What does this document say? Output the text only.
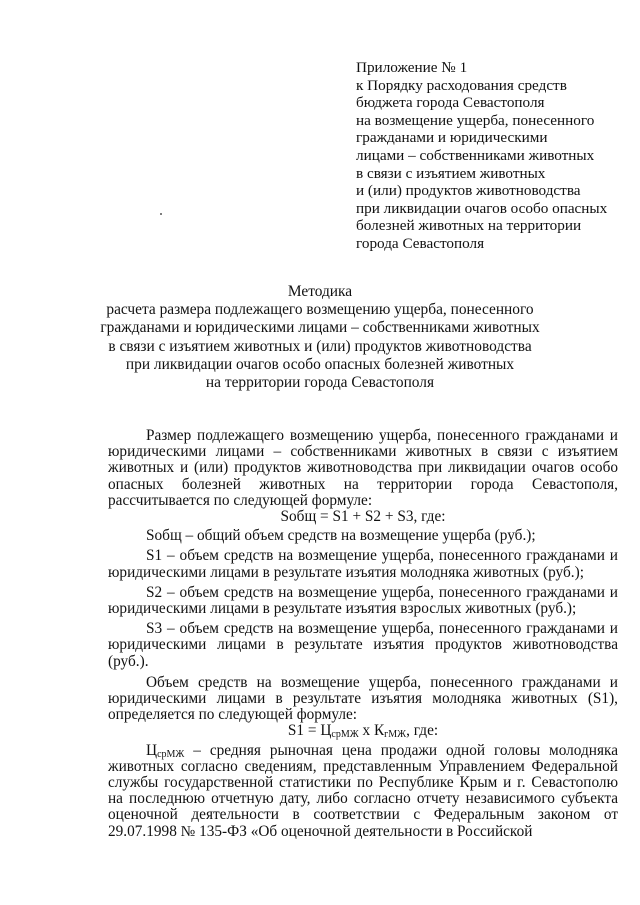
Приложение № 1
к Порядку расходования средств
бюджета города Севастополя
на возмещение ущерба, понесенного
гражданами и юридическими
лицами – собственниками животных
в связи с изъятием животных
и (или) продуктов животноводства
при ликвидации очагов особо опасных
болезней животных на территории
города Севастополя
Методика
расчета размера подлежащего возмещению ущерба, понесенного
гражданами и юридическими лицами – собственниками животных
в связи с изъятием животных и (или) продуктов животноводства
при ликвидации очагов особо опасных болезней животных
на территории города Севастополя

Размер подлежащего возмещению ущерба, понесенного гражданами и юридическими лицами – собственниками животных в связи с изъятием животных и (или) продуктов животноводства при ликвидации очагов особо опасных болезней животных на территории города Севастополя, рассчитывается по следующей формуле:

Sобщ = S1 + S2 + S3, где:

Sобщ – общий объем средств на возмещение ущерба (руб.);

S1 – объем средств на возмещение ущерба, понесенного гражданами и юридическими лицами в результате изъятия молодняка животных (руб.);

S2 – объем средств на возмещение ущерба, понесенного гражданами и юридическими лицами в результате изъятия взрослых животных (руб.);

S3 – объем средств на возмещение ущерба, понесенного гражданами и юридическими лицами в результате изъятия продуктов животноводства (руб.).

Объем средств на возмещение ущерба, понесенного гражданами и юридическими лицами в результате изъятия молодняка животных (S1), определяется по следующей формуле:

$S1 = Ц_{срМЖ}$ х $К_{гМЖ}$, где:

$Ц_{срМЖ}$ – средняя рыночная цена продажи одной головы молодняка животных согласно сведениям, представленным Управлением Федеральной службы государственной статистики по Республике Крым и г. Севастополю на последнюю отчетную дату, либо согласно отчету независимого субъекта оценочной деятельности в соответствии с Федеральным законом от 29.07.1998 № 135-ФЗ «Об оценочной деятельности в Российской
